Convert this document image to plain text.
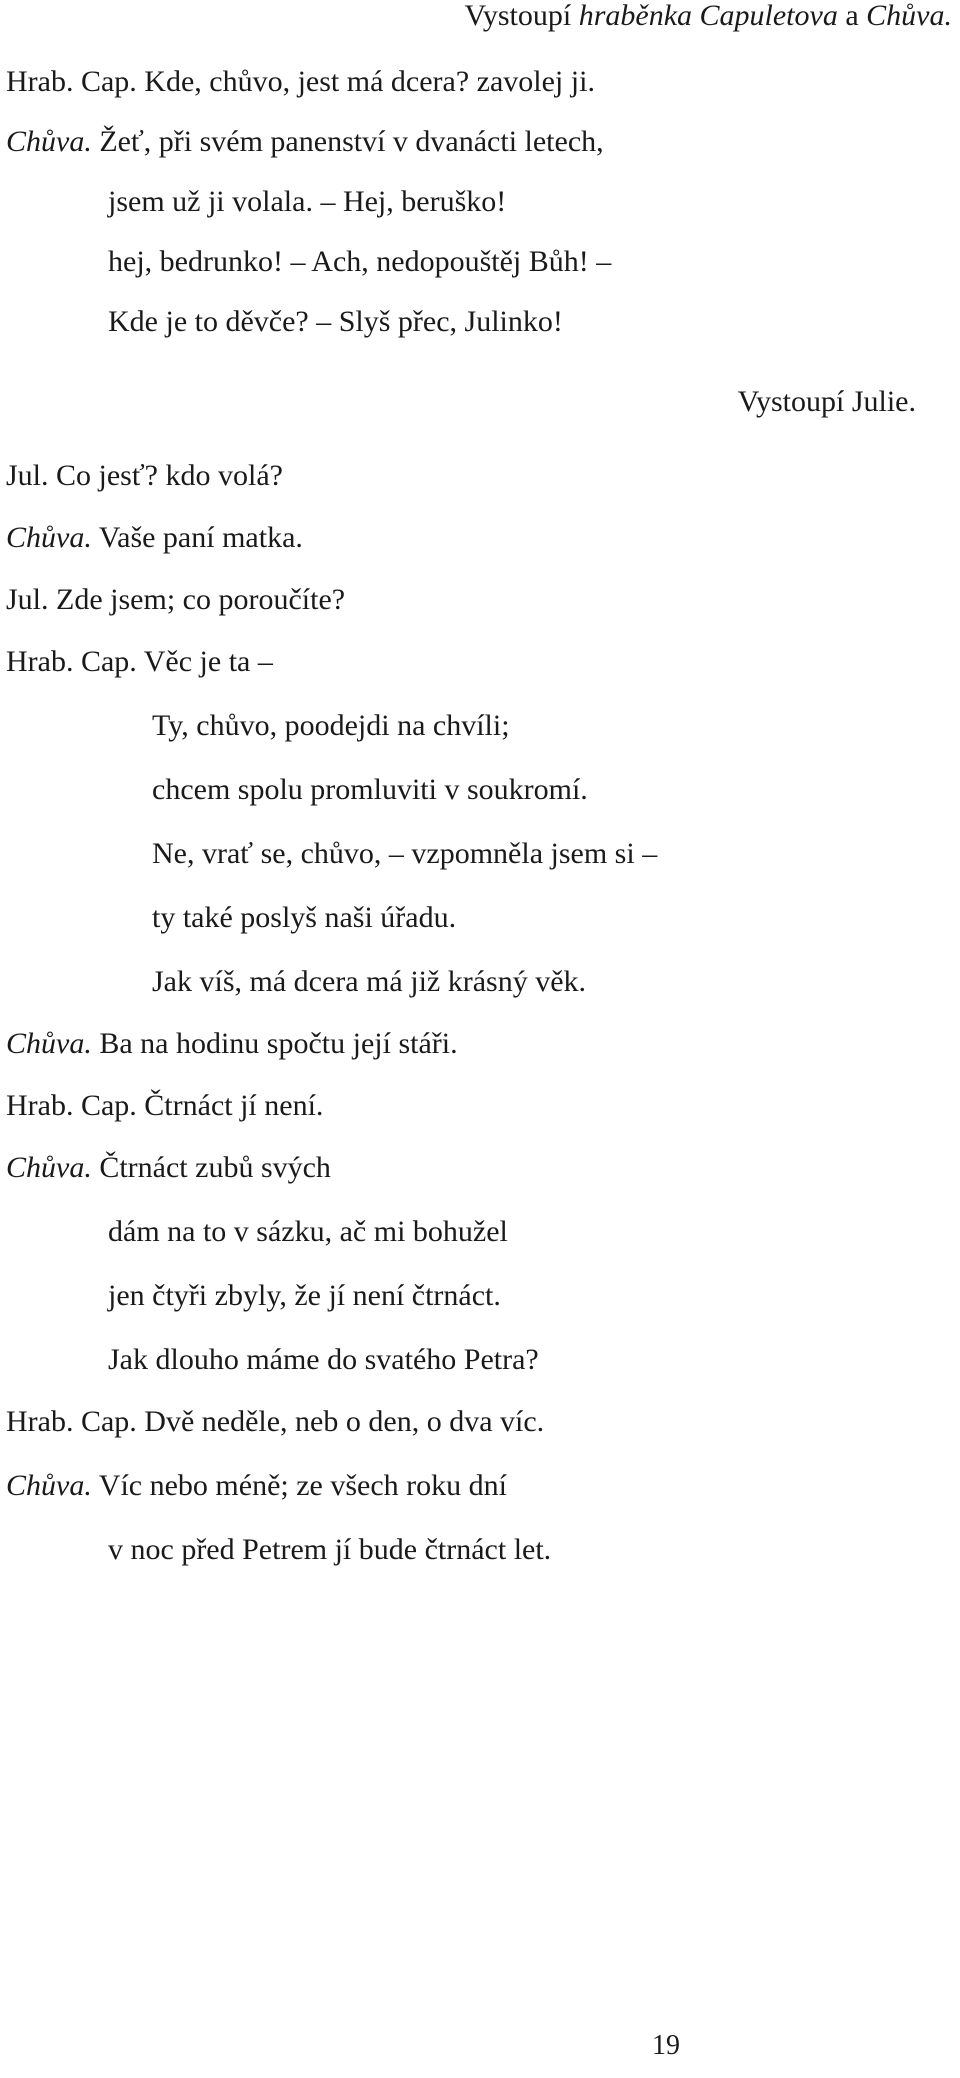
Vystoupí hraběnka Capuletova a Chůva.
Hrab. Cap. Kde, chůvo, jest má dcera? zavolej ji.
Chůva. Žeť, při svém panenství v dvanácti letech,
jsem už ji volala. – Hej, beruško!
hej, bedrunko! – Ach, nedopouštěj Bůh! –
Kde je to děvče? – Slyš přec, Julinko!
Vystoupí Julie.
Jul. Co jesť? kdo volá?
Chůva. Vaše paní matka.
Jul. Zde jsem; co poroučíte?
Hrab. Cap. Věc je ta –
Ty, chůvo, poodejdi na chvíli;
chcem spolu promluviti v soukromí.
Ne, vrať se, chůvo, – vzpomněla jsem si –
ty také poslyš naši úřadu.
Jak víš, má dcera má již krásný věk.
Chůva. Ba na hodinu spočtu její stáři.
Hrab. Cap. Čtrnáct jí není.
Chůva. Čtrnáct zubů svých
dám na to v sázku, ač mi bohužel
jen čtyři zbyly, že jí není čtrnáct.
Jak dlouho máme do svatého Petra?
Hrab. Cap. Dvě neděle, neb o den, o dva víc.
Chůva. Víc nebo méně; ze všech roku dní
v noc před Petrem jí bude čtrnáct let.
19
